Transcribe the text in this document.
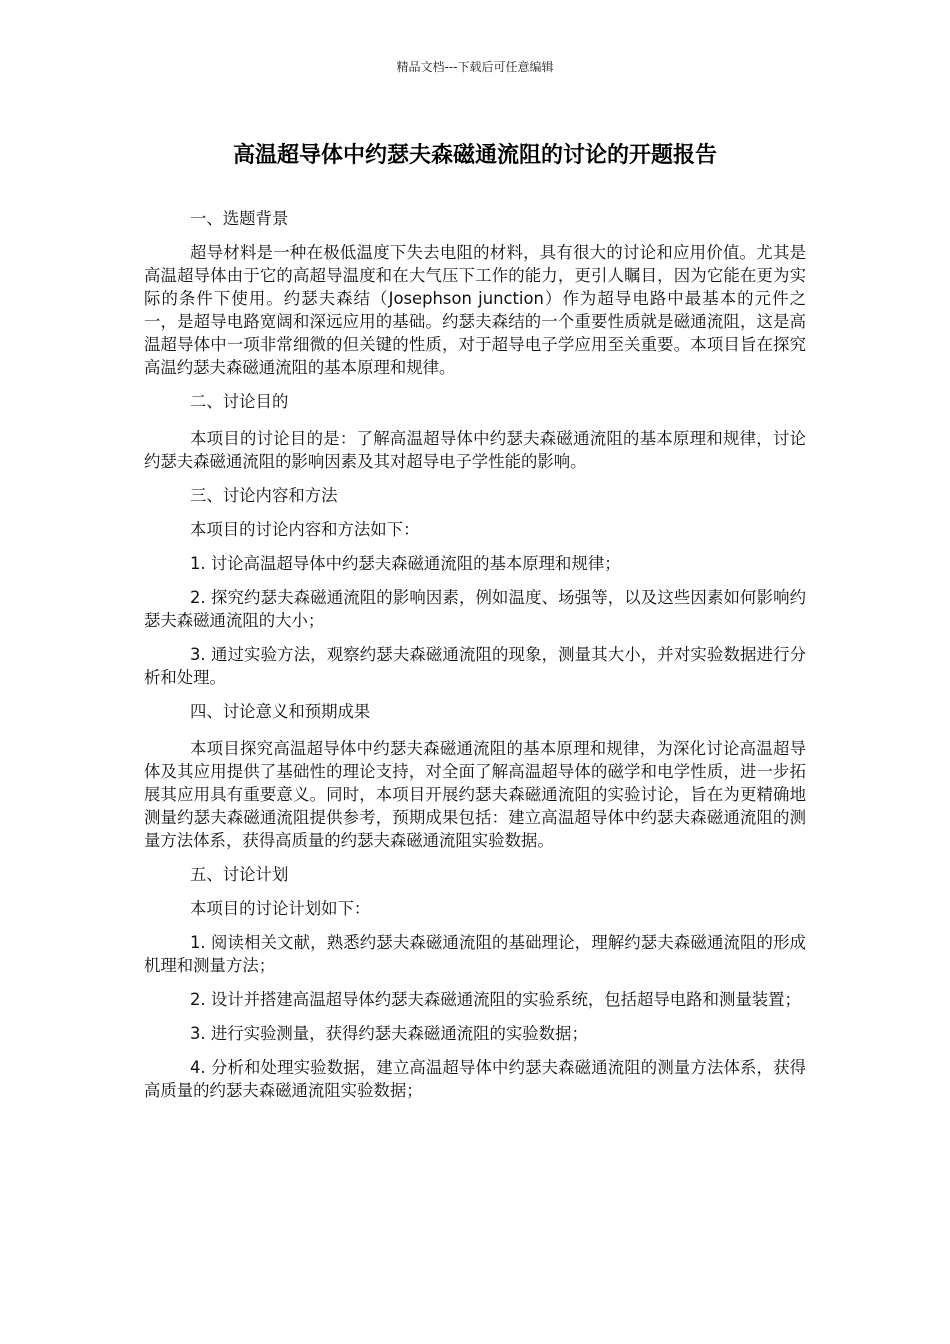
精品文档---下载后可任意编辑
高温超导体中约瑟夫森磁通流阻的讨论的开题报告

一、选题背景

超导材料是一种在极低温度下失去电阻的材料，具有很大的讨论和应用价值。尤其是高温超导体由于它的高超导温度和在大气压下工作的能力，更引人瞩目，因为它能在更为实际的条件下使用。约瑟夫森结（Josephson junction）作为超导电路中最基本的元件之一，是超导电路宽阔和深远应用的基础。约瑟夫森结的一个重要性质就是磁通流阻，这是高温超导体中一项非常细微的但关键的性质，对于超导电子学应用至关重要。本项目旨在探究高温约瑟夫森磁通流阻的基本原理和规律。

二、讨论目的

本项目的讨论目的是：了解高温超导体中约瑟夫森磁通流阻的基本原理和规律，讨论约瑟夫森磁通流阻的影响因素及其对超导电子学性能的影响。

三、讨论内容和方法

本项目的讨论内容和方法如下：

1. 讨论高温超导体中约瑟夫森磁通流阻的基本原理和规律；

2. 探究约瑟夫森磁通流阻的影响因素，例如温度、场强等，以及这些因素如何影响约瑟夫森磁通流阻的大小；

3. 通过实验方法，观察约瑟夫森磁通流阻的现象，测量其大小，并对实验数据进行分析和处理。

四、讨论意义和预期成果

本项目探究高温超导体中约瑟夫森磁通流阻的基本原理和规律，为深化讨论高温超导体及其应用提供了基础性的理论支持，对全面了解高温超导体的磁学和电学性质，进一步拓展其应用具有重要意义。同时，本项目开展约瑟夫森磁通流阻的实验讨论，旨在为更精确地测量约瑟夫森磁通流阻提供参考，预期成果包括：建立高温超导体中约瑟夫森磁通流阻的测量方法体系，获得高质量的约瑟夫森磁通流阻实验数据。

五、讨论计划

本项目的讨论计划如下：

1. 阅读相关文献，熟悉约瑟夫森磁通流阻的基础理论，理解约瑟夫森磁通流阻的形成机理和测量方法；

2. 设计并搭建高温超导体约瑟夫森磁通流阻的实验系统，包括超导电路和测量装置；

3. 进行实验测量，获得约瑟夫森磁通流阻的实验数据；

4. 分析和处理实验数据，建立高温超导体中约瑟夫森磁通流阻的测量方法体系，获得高质量的约瑟夫森磁通流阻实验数据；
